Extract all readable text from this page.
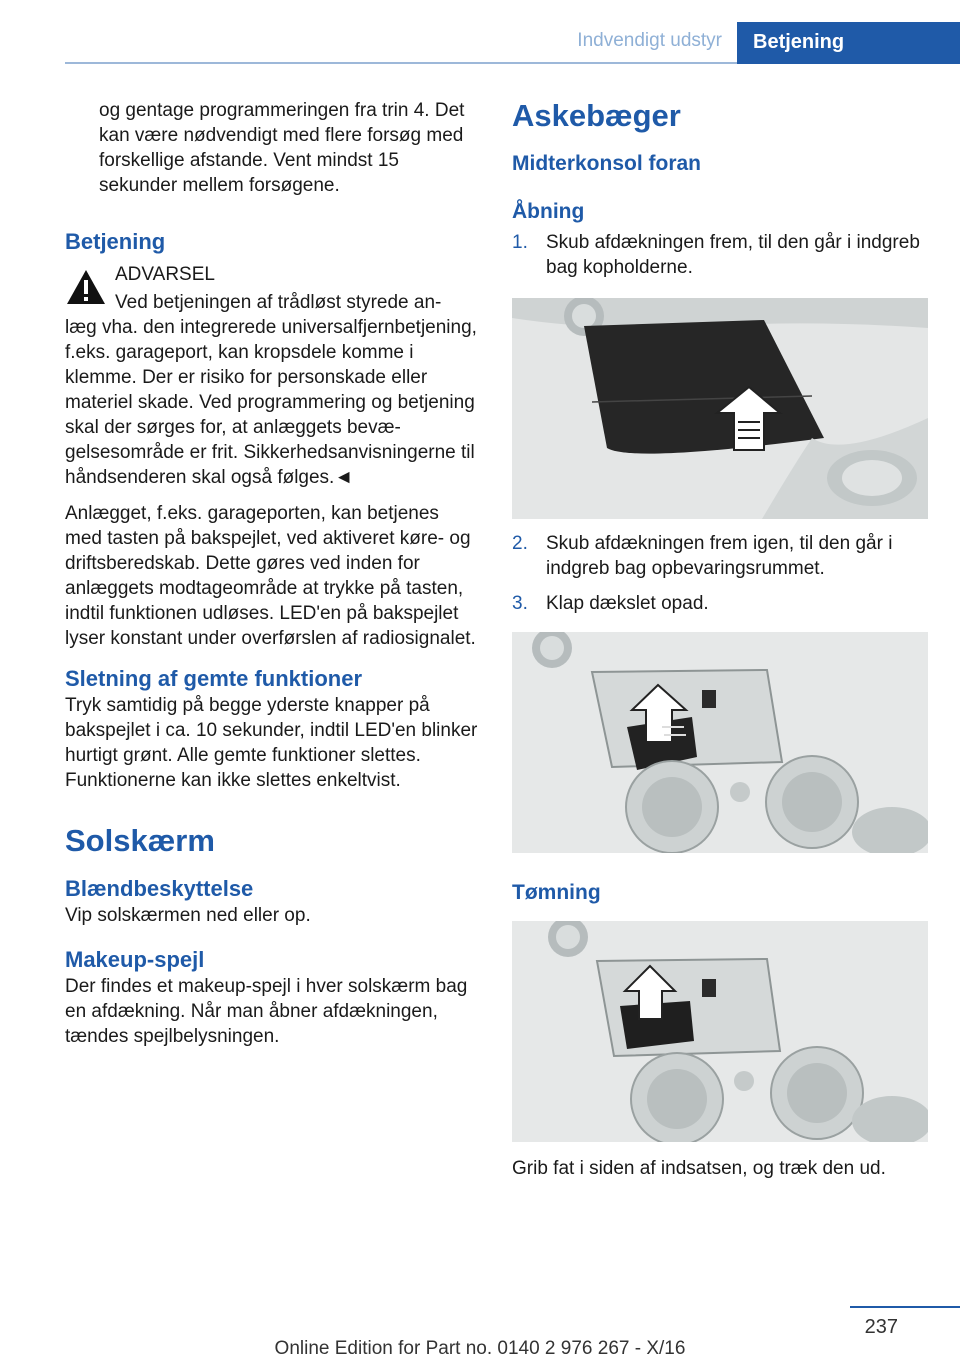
Indvendigt udstyr	Betjening

og gentage programmeringen fra trin 4. Det kan være nødvendigt med flere forsøg med forskellige afstande. Vent mindst 15 sekunder mellem forsøgene.

Betjening

ADVARSEL

Ved betjeningen af trådløst styrede an-

læg vha. den integrerede universalfjernbetjening, f.eks. garageport, kan kropsdele komme i klemme. Der er risiko for personskade eller materiel skade. Ved programmering og betjening skal der sørges for, at anlæggets bevægelsesområde er frit. Sikkerhedsanvisningerne til håndsenderen skal også følges.◄

Anlægget, f.eks. garageporten, kan betjenes med tasten på bakspejlet, ved aktiveret køre- og driftsberedskab. Dette gøres ved inden for anlæggets modtageområde at trykke på tasten, indtil funktionen udløses. LED'en på bakspejlet lyser konstant under overførslen af radiosignalet.

Sletning af gemte funktioner

Tryk samtidig på begge yderste knapper på bakspejlet i ca. 10 sekunder, indtil LED'en blinker hurtigt grønt. Alle gemte funktioner slettes. Funktionerne kan ikke slettes enkeltvist.

Solskærm
Blændbeskyttelse

Vip solskærmen ned eller op.

Makeup-spejl

Der findes et makeup-spejl i hver solskærm bag en afdækning. Når man åbner afdækningen, tændes spejlbelysningen.

Askebæger
Midterkonsol foran
Åbning
1. Skub afdækningen frem, til den går i indgreb bag kopholderne.
2. Skub afdækningen frem igen, til den går i indgreb bag opbevaringsrummet.
3. Klap dækslet opad.
Tømning

Grib fat i siden af indsatsen, og træk den ud.

237
Online Edition for Part no. 0140 2 976 267 - X/16
